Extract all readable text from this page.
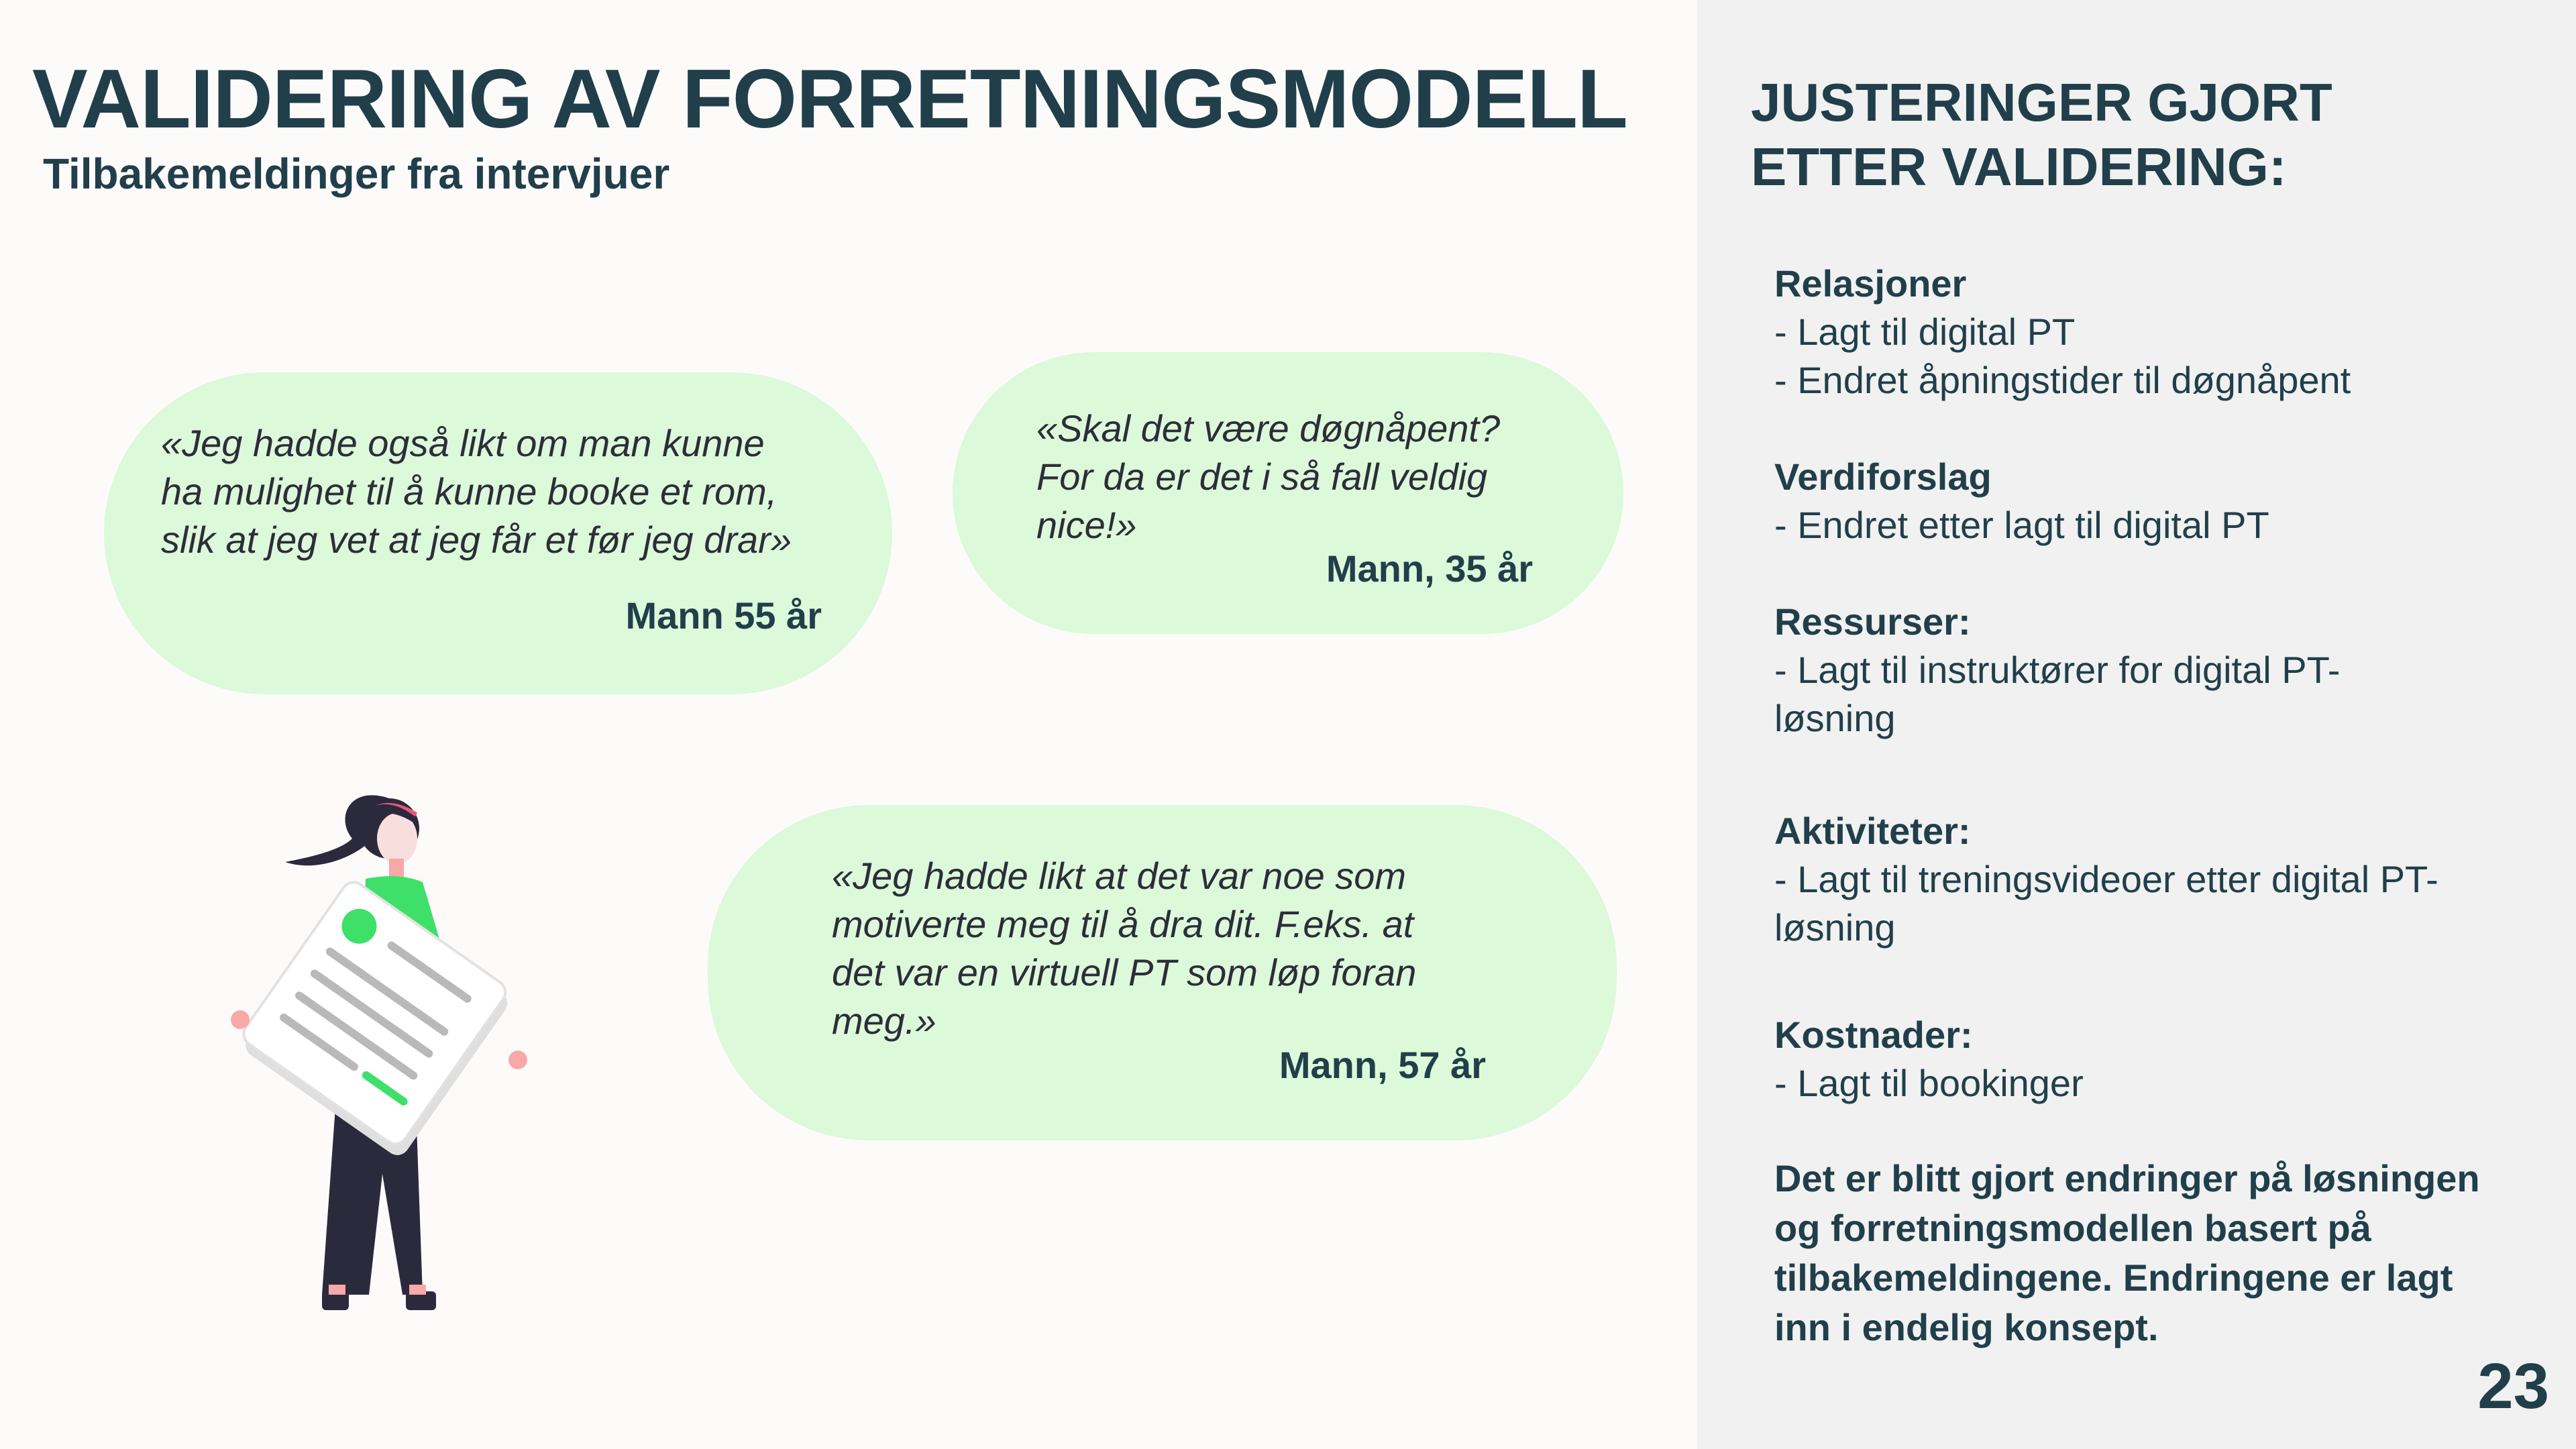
VALIDERING AV FORRETNINGSMODELL
Tilbakemeldinger fra intervjuer

«Jeg hadde også likt om man kunne
ha mulighet til å kunne booke et rom,
slik at jeg vet at jeg får et før jeg drar»

Mann 55 år

«Skal det være døgnåpent?
For da er det i så fall veldig
nice!»

Mann, 35 år

«Jeg hadde likt at det var noe som
motiverte meg til å dra dit. F.eks. at
det var en virtuell PT som løp foran
meg.»

Mann, 57 år
JUSTERINGER GJORT ETTER VALIDERING:
Relasjoner

- Lagt til digital PT

- Endret åpningstider til døgnåpent

Verdiforslag

- Endret etter lagt til digital PT

Ressurser:

- Lagt til instruktører for digital PT-

løsning

Aktiviteter:

- Lagt til treningsvideoer etter digital PT-

løsning

Kostnader:

- Lagt til bookinger

Det er blitt gjort endringer på løsningen og forretningsmodellen basert på tilbakemeldingene. Endringene er lagt inn i endelig konsept.

23
